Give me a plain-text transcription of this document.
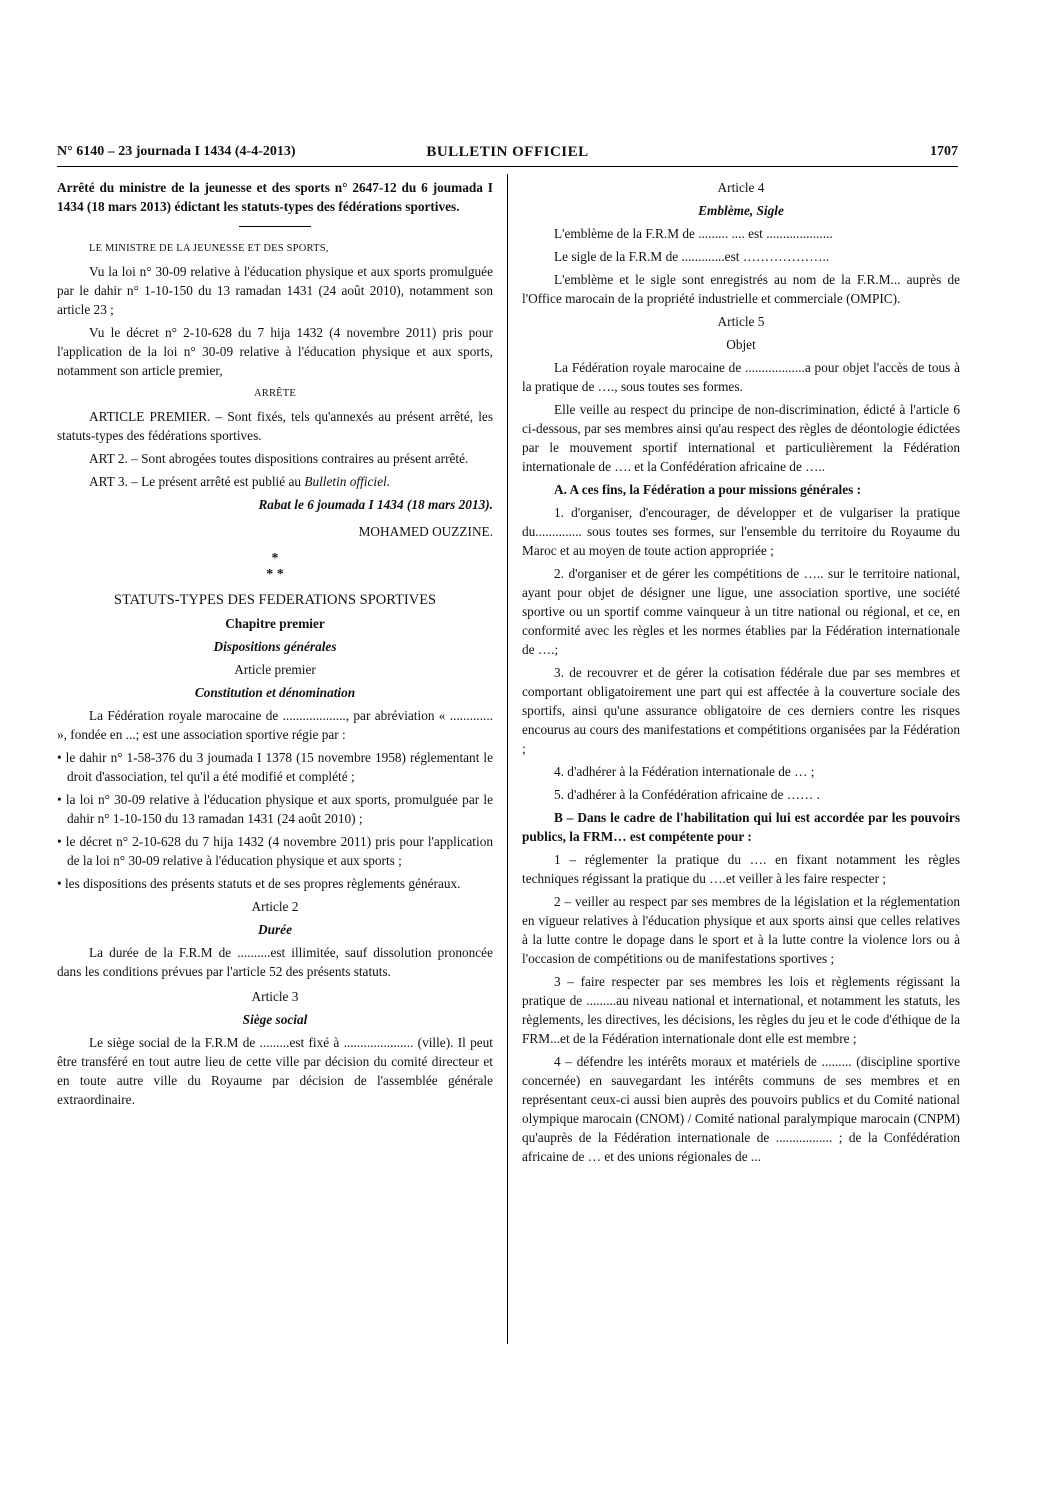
N° 6140 – 23 journada I 1434 (4-4-2013)	BULLETIN OFFICIEL	1707

Arrêté du ministre de la jeunesse et des sports n° 2647-12 du 6 joumada I 1434 (18 mars 2013) édictant les statuts-types des fédérations sportives.

LE MINISTRE DE LA JEUNESSE ET DES SPORTS,

Vu la loi n° 30-09 relative à l'éducation physique et aux sports promulguée par le dahir n° 1-10-150 du 13 ramadan 1431 (24 août 2010), notamment son article 23 ;

Vu le décret n° 2-10-628 du 7 hija 1432 (4 novembre 2011) pris pour l'application de la loi n° 30-09 relative à l'éducation physique et aux sports, notamment son article premier,

ARRÊTE

ARTICLE PREMIER. – Sont fixés, tels qu'annexés au présent arrêté, les statuts-types des fédérations sportives.

ART 2. – Sont abrogées toutes dispositions contraires au présent arrêté.

ART 3. – Le présent arrêté est publié au Bulletin officiel.

Rabat le 6 joumada I 1434 (18 mars 2013).

MOHAMED OUZZINE.

*
* *

STATUTS-TYPES DES FEDERATIONS SPORTIVES

Chapitre premier

Dispositions générales

Article premier

Constitution et dénomination

La Fédération royale marocaine de ..................., par abréviation « ............. », fondée en ...; est une association sportive régie par :

• le dahir n° 1-58-376 du 3 joumada I 1378 (15 novembre 1958) réglementant le droit d'association, tel qu'il a été modifié et complété ;

• la loi n° 30-09 relative à l'éducation physique et aux sports, promulguée par le dahir n° 1-10-150 du 13 ramadan 1431 (24 août 2010) ;

• le décret n° 2-10-628 du 7 hija 1432 (4 novembre 2011) pris pour l'application de la loi n° 30-09 relative à l'éducation physique et aux sports ;

• les dispositions des présents statuts et de ses propres règlements généraux.

Article 2

Durée

La durée de la F.R.M de ..........est illimitée, sauf dissolution prononcée dans les conditions prévues par l'article 52 des présents statuts.

Article 3

Siège social

Le siège social de la F.R.M de .........est fixé à ..................... (ville). Il peut être transféré en tout autre lieu de cette ville par décision du comité directeur et en toute autre ville du Royaume par décision de l'assemblée générale extraordinaire.

Article 4

Emblème, Sigle

L'emblème de la F.R.M de ......... .... est ....................

Le sigle de la F.R.M de .............est ………………..

L'emblème et le sigle sont enregistrés au nom de la F.R.M... auprès de l'Office marocain de la propriété industrielle et commerciale (OMPIC).

Article 5

Objet

La Fédération royale marocaine de ..................a pour objet l'accès de tous à la pratique de …., sous toutes ses formes.

Elle veille au respect du principe de non-discrimination, édicté à l'article 6 ci-dessous, par ses membres ainsi qu'au respect des règles de déontologie édictées par le mouvement sportif international et particulièrement la Fédération internationale de …. et la Confédération africaine de …..

A. A ces fins, la Fédération a pour missions générales :

1. d'organiser, d'encourager, de développer et de vulgariser la pratique du.............. sous toutes ses formes, sur l'ensemble du territoire du Royaume du Maroc et au moyen de toute action appropriée ;

2. d'organiser et de gérer les compétitions de ….. sur le territoire national, ayant pour objet de désigner une ligue, une association sportive, une société sportive ou un sportif comme vainqueur à un titre national ou régional, et ce, en conformité avec les règles et les normes établies par la Fédération internationale de ….;

3. de recouvrer et de gérer la cotisation fédérale due par ses membres et comportant obligatoirement une part qui est affectée à la couverture sociale des sportifs, ainsi qu'une assurance obligatoire de ces derniers contre les risques encourus au cours des manifestations et compétitions organisées par la Fédération ;

4. d'adhérer à la Fédération internationale de … ;

5. d'adhérer à la Confédération africaine de …… .

B – Dans le cadre de l'habilitation qui lui est accordée par les pouvoirs publics, la FRM… est compétente pour :

1 – réglementer la pratique du …. en fixant notamment les règles techniques régissant la pratique du ….et veiller à les faire respecter ;

2 – veiller au respect par ses membres de la législation et la réglementation en vigueur relatives à l'éducation physique et aux sports ainsi que celles relatives à la lutte contre le dopage dans le sport et à la lutte contre la violence lors ou à l'occasion de compétitions ou de manifestations sportives ;

3 – faire respecter par ses membres les lois et règlements régissant la pratique de .........au niveau national et international, et notamment les statuts, les règlements, les directives, les décisions, les règles du jeu et le code d'éthique de la FRM...et de la Fédération internationale dont elle est membre ;

4 – défendre les intérêts moraux et matériels de ......... (discipline sportive concernée) en sauvegardant les intérêts communs de ses membres et en représentant ceux-ci aussi bien auprès des pouvoirs publics et du Comité national olympique marocain (CNOM) / Comité national paralympique marocain (CNPM) qu'auprès de la Fédération internationale de ................. ; de la Confédération africaine de … et des unions régionales de ...
